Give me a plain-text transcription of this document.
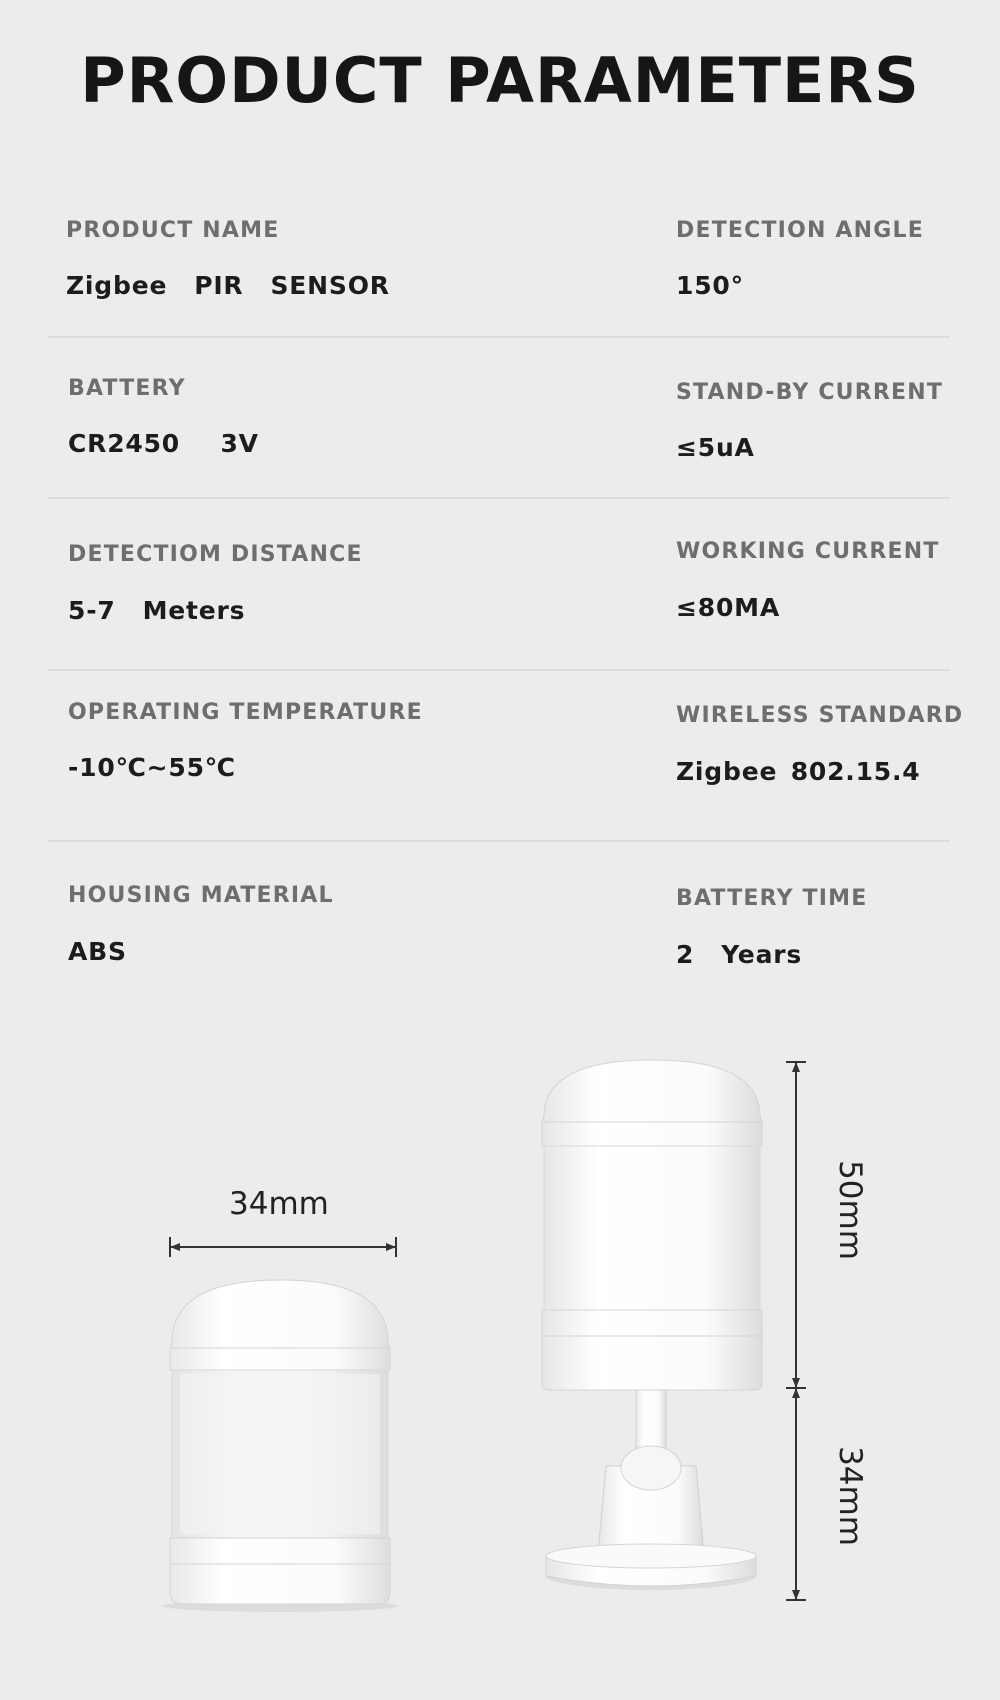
PRODUCT PARAMETERS
PRODUCT NAME
Zigbee  PIR  SENSOR
DETECTION ANGLE
150°
BATTERY
CR2450   3V
STAND-BY CURRENT
≤5uA
DETECTIOM DISTANCE
5-7  Meters
WORKING CURRENT
≤80MA
OPERATING TEMPERATURE
-10℃~55℃
WIRELESS STANDARD
Zigbee 802.15.4
HOUSING MATERIAL
ABS
BATTERY TIME
2  Years
34mm	50mm
34mm
